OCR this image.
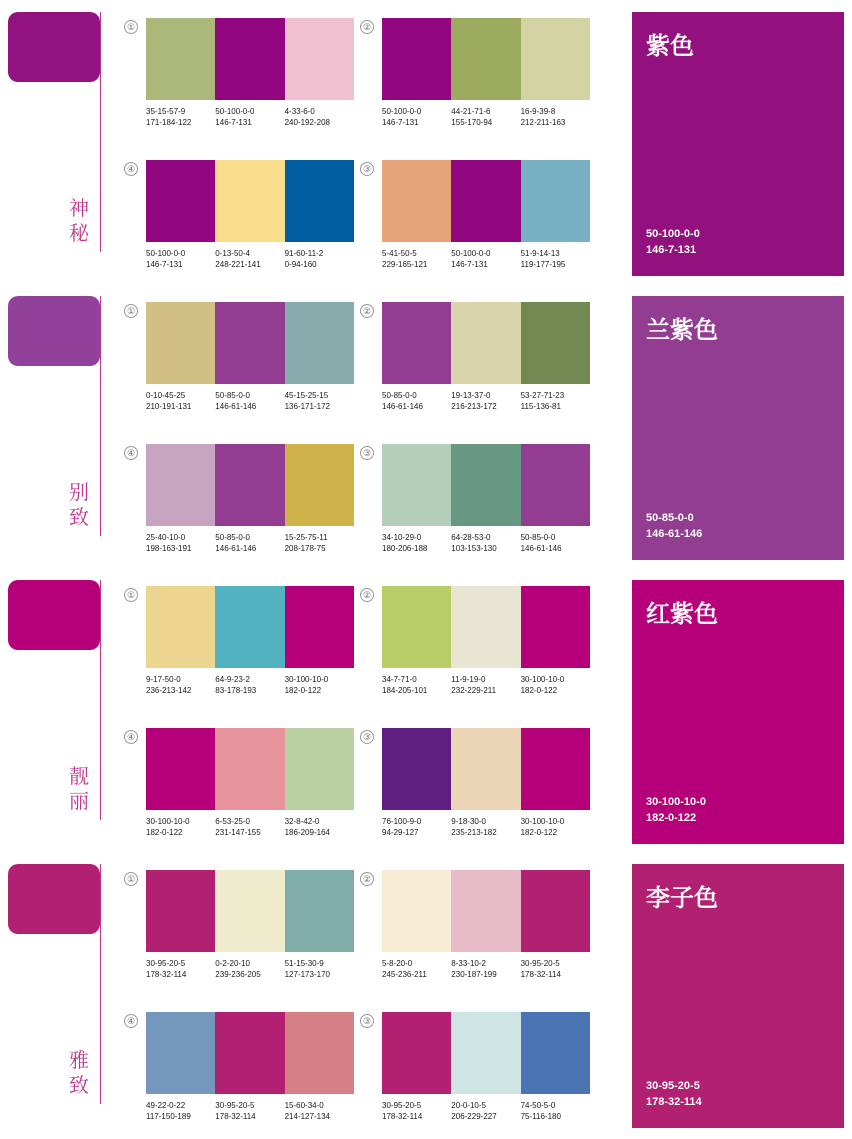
神秘
①
35-15-57-9
171-184-122
50-100-0-0
146-7-131
4-33-6-0
240-192-208
②
50-100-0-0
146-7-131
44-21-71-6
155-170-94
16-9-39-8
212-211-163
④
50-100-0-0
146-7-131
0-13-50-4
248-221-141
91-60-11-2
0-94-160
③
5-41-50-5
229-165-121
50-100-0-0
146-7-131
51-9-14-13
119-177-195
紫色
50-100-0-0
146-7-131
别致
①
0-10-45-25
210-191-131
50-85-0-0
146-61-146
45-15-25-15
136-171-172
②
50-85-0-0
146-61-146
19-13-37-0
216-213-172
53-27-71-23
115-136-81
④
25-40-10-0
198-163-191
50-85-0-0
146-61-146
15-25-75-11
208-178-75
③
34-10-29-0
180-206-188
64-28-53-0
103-153-130
50-85-0-0
146-61-146
兰紫色
50-85-0-0
146-61-146
靓丽
①
9-17-50-0
236-213-142
64-9-23-2
83-178-193
30-100-10-0
182-0-122
②
34-7-71-0
184-205-101
11-9-19-0
232-229-211
30-100-10-0
182-0-122
④
30-100-10-0
182-0-122
6-53-25-0
231-147-155
32-8-42-0
186-209-164
③
76-100-9-0
94-29-127
9-18-30-0
235-213-182
30-100-10-0
182-0-122
红紫色
30-100-10-0
182-0-122
雅致
①
30-95-20-5
178-32-114
0-2-20-10
239-236-205
51-15-30-9
127-173-170
②
5-8-20-0
245-236-211
8-33-10-2
230-187-199
30-95-20-5
178-32-114
④
49-22-0-22
117-150-189
30-95-20-5
178-32-114
15-60-34-0
214-127-134
③
30-95-20-5
178-32-114
20-0-10-5
206-229-227
74-50-5-0
75-116-180
李子色
30-95-20-5
178-32-114
